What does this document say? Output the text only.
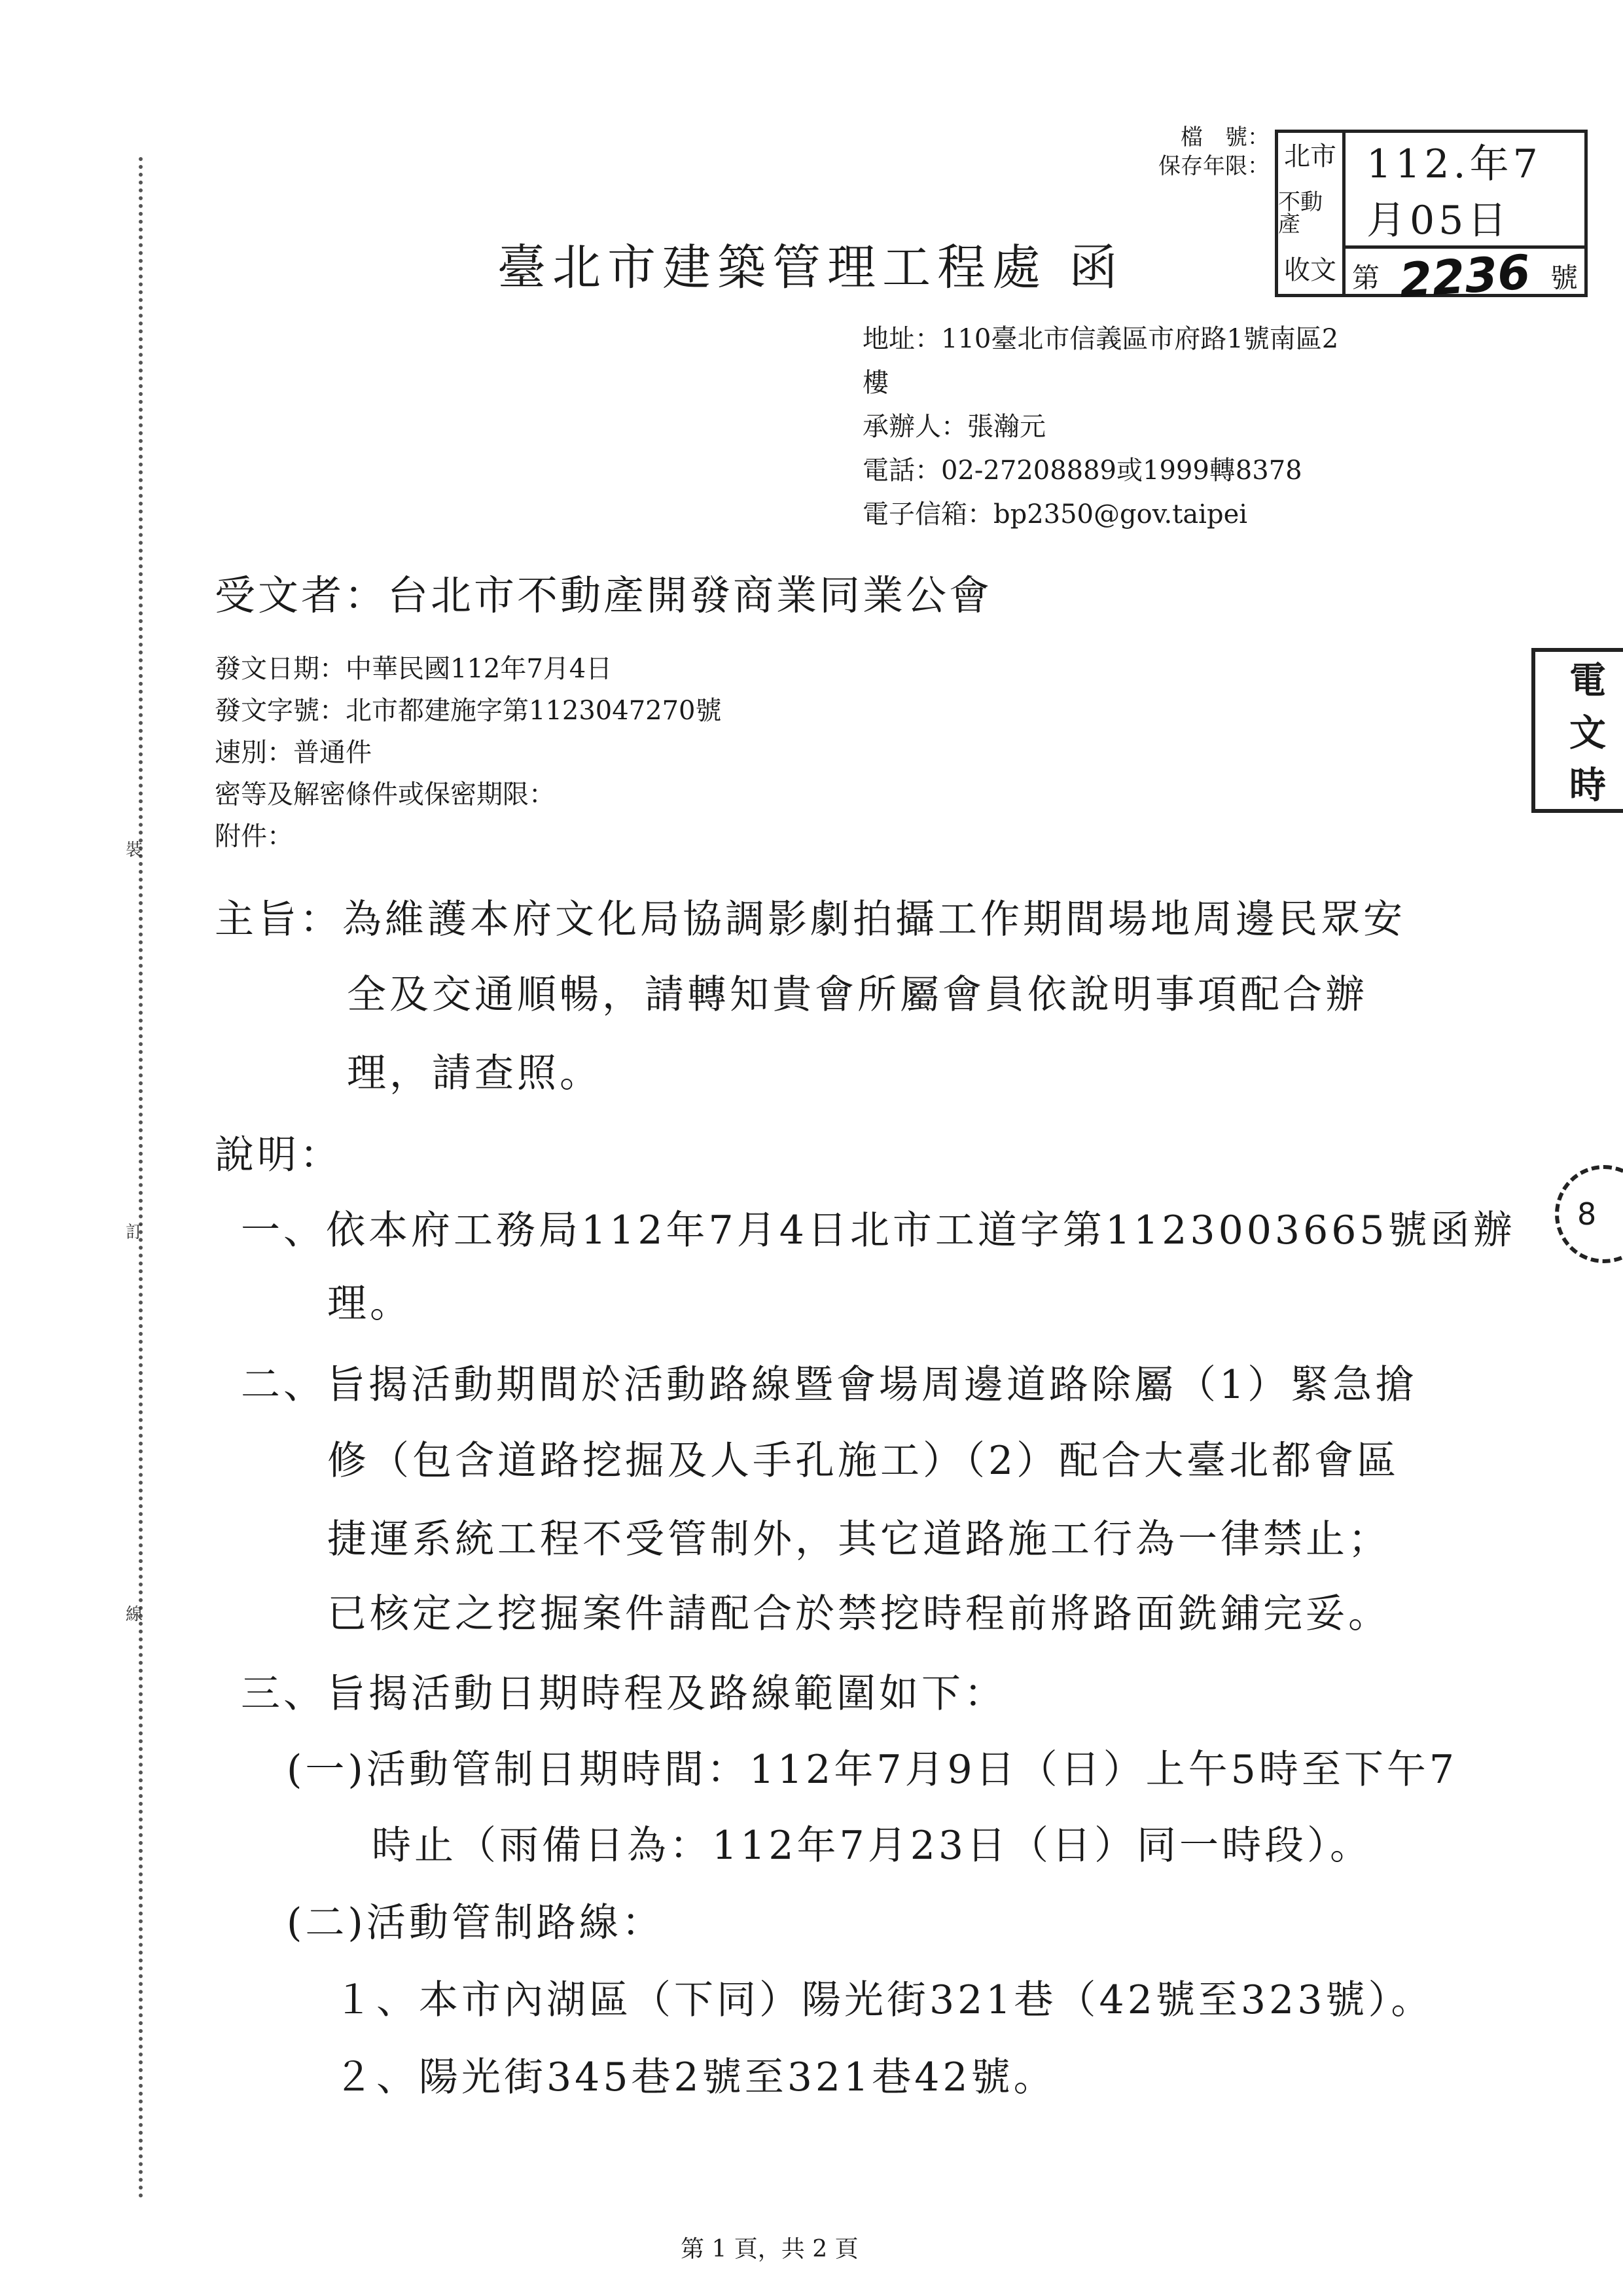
裝
訂
線
檔　號：
保存年限： 北市
不動產
收文
112.年7月05日
第 2236 號
臺北市建築管理工程處 函
地址：110臺北市信義區市府路1號南區2
樓
承辦人：張瀚元
電話：02-27208889或1999轉8378
電子信箱：bp2350@gov.taipei
受文者：台北市不動產開發商業同業公會
發文日期：中華民國112年7月4日
發文字號：北市都建施字第1123047270號
速別：普通件
密等及解密條件或保密期限：
附件：
主旨：為維護本府文化局協調影劇拍攝工作期間場地周邊民眾安
全及交通順暢，請轉知貴會所屬會員依說明事項配合辦
理，請查照。
說明：
一、依本府工務局112年7月4日北市工道字第1123003665號函辦
理。
二、旨揭活動期間於活動路線暨會場周邊道路除屬（1）緊急搶
修（包含道路挖掘及人手孔施工）（2）配合大臺北都會區
捷運系統工程不受管制外，其它道路施工行為一律禁止；
已核定之挖掘案件請配合於禁挖時程前將路面銑鋪完妥。
三、旨揭活動日期時程及路線範圍如下：
(一)活動管制日期時間：112年7月9日（日）上午5時至下午7
時止（雨備日為：112年7月23日（日）同一時段）。
(二)活動管制路線：
１、本市內湖區（下同）陽光街321巷（42號至323號）。
２、陽光街345巷2號至321巷42號。
電
文
時
8
第 1 頁，共 2 頁
